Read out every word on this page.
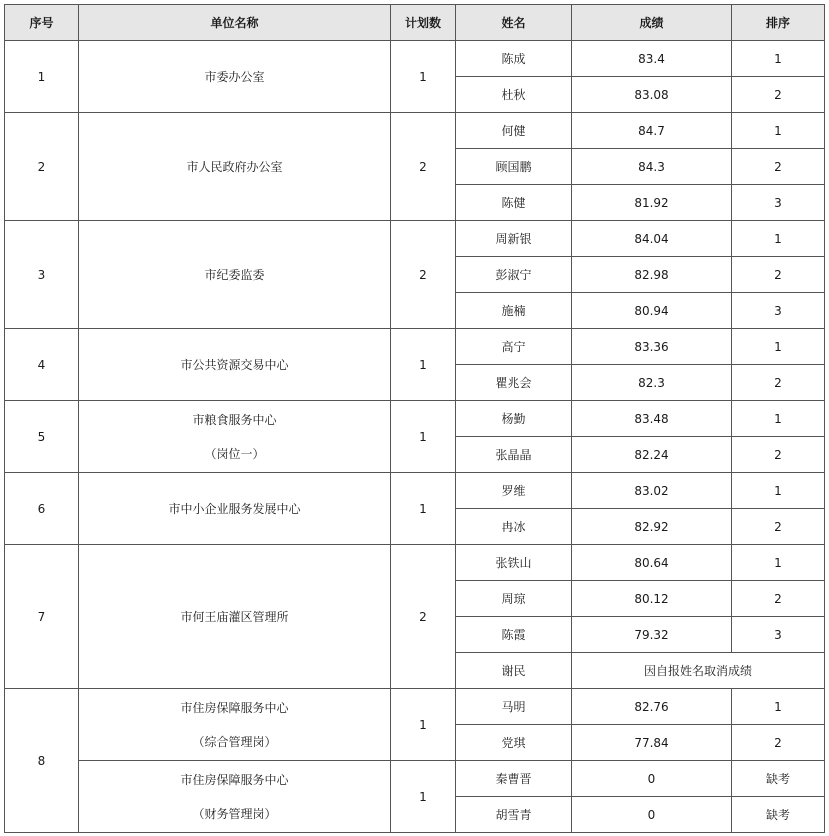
序号	单位名称	计划数	姓名	成绩	排序
1	市委办公室	1	陈成	83.4	1
			杜秋	83.08	2
2	市人民政府办公室	2	何健	84.7	1
			顾国鹏	84.3	2
			陈健	81.92	3
3	市纪委监委	2	周新银	84.04	1
			彭淑宁	82.98	2
			施楠	80.94	3
4	市公共资源交易中心	1	高宁	83.36	1
			瞿兆会	82.3	2
5	市粮食服务中心
（岗位一）	1	杨勤	83.48	1
			张晶晶	82.24	2
6	市中小企业服务发展中心	1	罗维	83.02	1
			冉冰	82.92	2
7	市何王庙灌区管理所	2	张铁山	80.64	1
			周琼	80.12	2
			陈霞	79.32	3
			谢民	因自报姓名取消成绩	
8	市住房保障服务中心
（综合管理岗）	1	马明	82.76	1
			党琪	77.84	2

	市住房保障服务中心
（财务管理岗）	1	秦曹晋	0	缺考
			胡雪青	0	缺考
